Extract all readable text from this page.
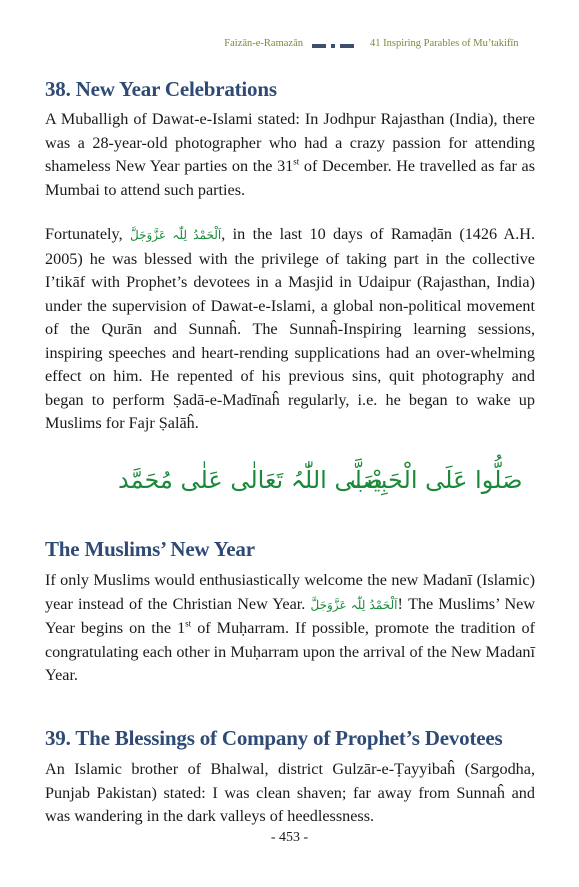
Faizān-e-Ramazān	41 Inspiring Parables of Mu’takifīn
38. New Year Celebrations

A Muballigh of Dawat-e-Islami stated: In Jodhpur Rajasthan (India), there was a 28-year-old photographer who had a crazy passion for attending shameless New Year parties on the 31st of December. He travelled as far as Mumbai to attend such parties.

Fortunately, اَلْحَمْدُ لِلّٰہ عَزَّوَجَلَّ, in the last 10 days of Ramaḍān (1426 A.H. 2005) he was blessed with the privilege of taking part in the collective I’tikāf with Prophet’s devotees in a Masjid in Udaipur (Rajasthan, India) under the supervision of Dawat-e-Islami, a global non-political movement of the Qurān and Sunnaĥ. The Sunnaĥ-Inspiring learning sessions, inspiring speeches and heart-rending supplications had an over-whelming effect on him. He repented of his previous sins, quit photography and began to perform Ṣadā-e-Madīnaĥ regularly, i.e. he began to wake up Muslims for Fajr Ṣalāĥ.

صَلَّی اللّٰہُ تَعَالٰی عَلٰی مُحَمَّد
صَلُّوا عَلَی الْحَبِیْب
The Muslims’ New Year

If only Muslims would enthusiastically welcome the new Madanī (Islamic) year instead of the Christian New Year. اَلْحَمْدُ لِلّٰہ عَزَّوَجَلَّ! The Muslims’ New Year begins on the 1st of Muḥarram. If possible, promote the tradition of congratulating each other in Muḥarram upon the arrival of the New Madanī Year.

39. The Blessings of Company of Prophet’s Devotees

An Islamic brother of Bhalwal, district Gulzār-e-Ṭayyibaĥ (Sargodha, Punjab Pakistan) stated: I was clean shaven; far away from Sunnaĥ and was wandering in the dark valleys of heedlessness.

- 453 -
